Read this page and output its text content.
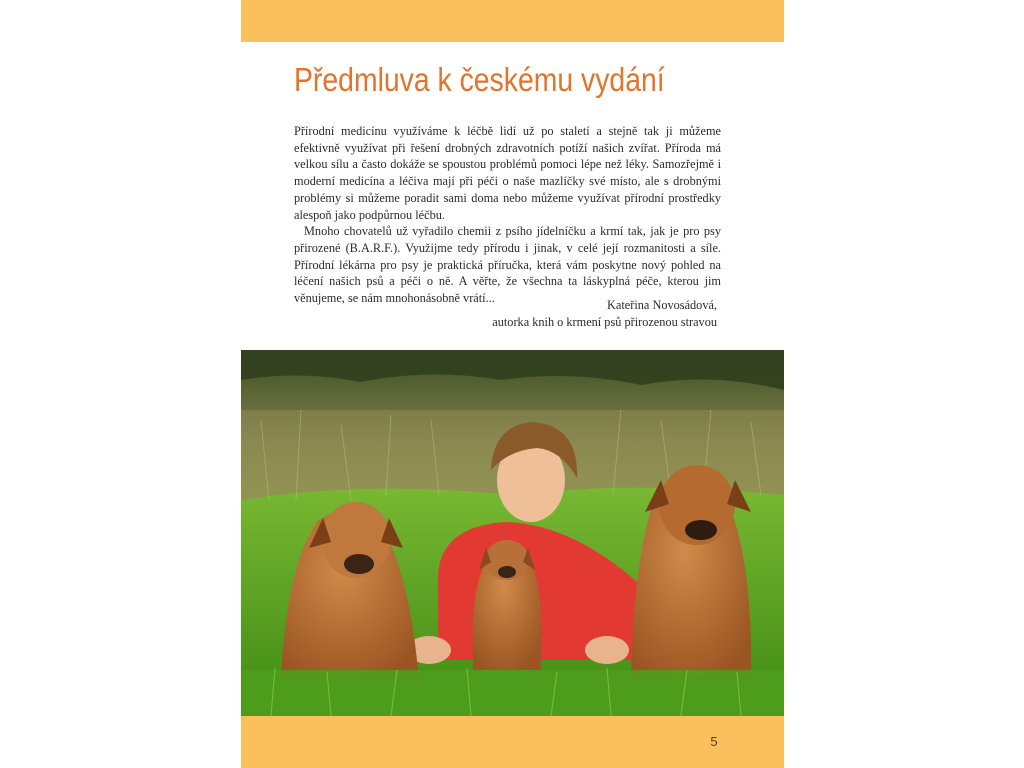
Předmluva k českému vydání

Přírodní medicínu využíváme k léčbě lidí už po staletí a stejně tak ji můžeme efektivně využívat při řešení drobných zdravotních potíží našich zvířat. Příroda má velkou sílu a často dokáže se spoustou problémů pomoci lépe než léky. Samozřejmě i moderní medicína a léčiva mají při péči o naše mazlíčky své místo, ale s drobnými problémy si můžeme poradit sami doma nebo můžeme využívat přírodní prostředky alespoň jako podpůrnou léčbu.

Mnoho chovatelů už vyřadilo chemii z psího jídelníčku a krmí tak, jak je pro psy přirozené (B.A.R.F.). Využijme tedy přírodu i jinak, v celé její rozmanitosti a síle. Přírodní lékárna pro psy je praktická příručka, která vám poskytne nový pohled na léčení našich psů a péči o ně. A věřte, že všechna ta láskyplná péče, kterou jim věnujeme, se nám mnohonásobně vrátí...	Kateřina Novosádová,
autorka knih o krmení psů přirozenou stravou
5
